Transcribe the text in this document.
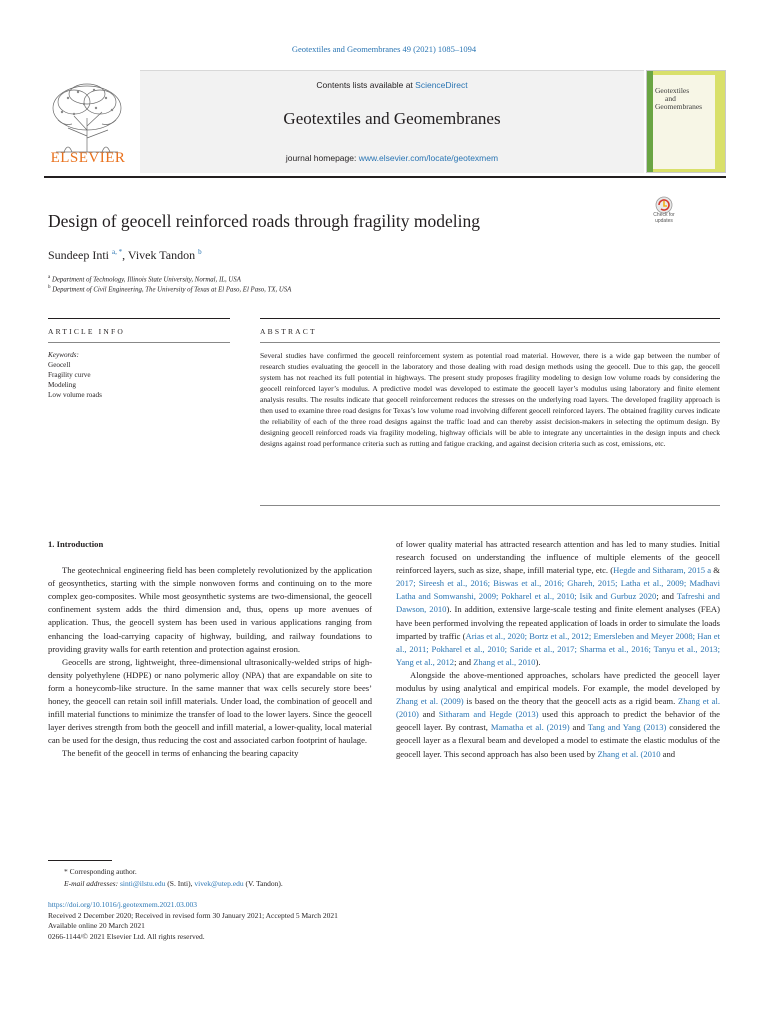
Geotextiles and Geomembranes 49 (2021) 1085–1094
ELSEVIER
Contents lists available at ScienceDirect
Geotextiles and Geomembranes
journal homepage: www.elsevier.com/locate/geotexmem
Geotextiles
and
Geomembranes
Design of geocell reinforced roads through fragility modeling	Check for
updates
Sundeep Inti $^{a, *}$, Vivek Tandon $^b$
$^a$ Department of Technology, Illinois State University, Normal, IL, USA
$^b$ Department of Civil Engineering, The University of Texas at El Paso, El Paso, TX, USA
ARTICLE INFO	ABSTRACT
Keywords:
Geocell
Fragility curve
Modeling
Low volume roads
Several studies have confirmed the geocell reinforcement system as potential road material. However, there is a wide gap between the number of research studies evaluating the geocell in the laboratory and those dealing with road design methods using the geocell. Due to this gap, the geocell system has not reached its full potential in highways. The present study proposes fragility modeling to design low volume roads by considering the geocell reinforced layer’s modulus. A predictive model was developed to estimate the geocell layer’s modulus using laboratory and finite element analysis results. The results indicate that geocell reinforcement reduces the stresses on the underlying road layers. The developed fragility approach is then used to examine three road designs for Texas’s low volume road involving different geocell reinforced layers. The obtained fragility curves indicate the reliability of each of the three road designs against the traffic load and can thereby assist decision-makers in selecting the optimum design. By designing geocell reinforced roads via fragility modeling, highway officials will be able to integrate any uncertainties in the design inputs and check designs against road performance criteria such as rutting and fatigue cracking, and against decision criteria such as cost, emissions, etc.
1. Introduction

The geotechnical engineering field has been completely revolutionized by the application of geosynthetics, starting with the simple nonwoven forms and continuing on to the more complex geo-composites. While most geosynthetic systems are two-dimensional, the geocell confinement system adds the third dimension and, thus, opens up more avenues of application. Thus, the geocell system has been used in various applications ranging from enhancing the load-carrying capacity of highway, building, and railway foundations to providing gravity walls for earth retention and protection against erosion.

Geocells are strong, lightweight, three-dimensional ultrasonically-welded strips of high-density polyethylene (HDPE) or nano polymeric alloy (NPA) that are expandable on site to form a honeycomb-like structure. In the same manner that wax cells securely store bees’ honey, the geocell can retain soil infill materials. Under load, the combination of geocell and infill material functions to minimize the transfer of load to the lower layers. Since the geocell layer derives strength from both the geocell and infill material, a lower-quality, local material can be used for the design, thus reducing the cost and associated carbon footprint of haulage.

The benefit of the geocell in terms of enhancing the bearing capacity

of lower quality material has attracted research attention and has led to many studies. Initial research focused on understanding the influence of multiple elements of the geocell reinforced layers, such as size, shape, infill material type, etc. (Hegde and Sitharam, 2015 a & 2017; Sireesh et al., 2016; Biswas et al., 2016; Ghareh, 2015; Latha et al., 2009; Madhavi Latha and Somwanshi, 2009; Pokharel et al., 2010; Isik and Gurbuz 2020; and Tafreshi and Dawson, 2010). In addition, extensive large-scale testing and finite element analyses (FEA) have been performed involving the repeated application of loads in order to simulate the loads imparted by traffic (Arias et al., 2020; Bortz et al., 2012; Emersleben and Meyer 2008; Han et al., 2011; Pokharel et al., 2010; Saride et al., 2017; Sharma et al., 2016; Tanyu et al., 2013; Yang et al., 2012; and Zhang et al., 2010).

Alongside the above-mentioned approaches, scholars have predicted the geocell layer modulus by using analytical and empirical models. For example, the model developed by Zhang et al. (2009) is based on the theory that the geocell acts as a rigid beam. Zhang et al. (2010) and Sitharam and Hegde (2013) used this approach to predict the behavior of the geocell layer. By contrast, Mamatha et al. (2019) and Tang and Yang (2013) considered the geocell layer as a flexural beam and developed a model to estimate the elastic modulus of the geocell layer. This second approach has also been used by Zhang et al. (2010 and

* Corresponding author.
E-mail addresses: sinti@ilstu.edu (S. Inti), vivek@utep.edu (V. Tandon).
https://doi.org/10.1016/j.geotexmem.2021.03.003
Received 2 December 2020; Received in revised form 30 January 2021; Accepted 5 March 2021
Available online 20 March 2021
0266-1144/© 2021 Elsevier Ltd. All rights reserved.
